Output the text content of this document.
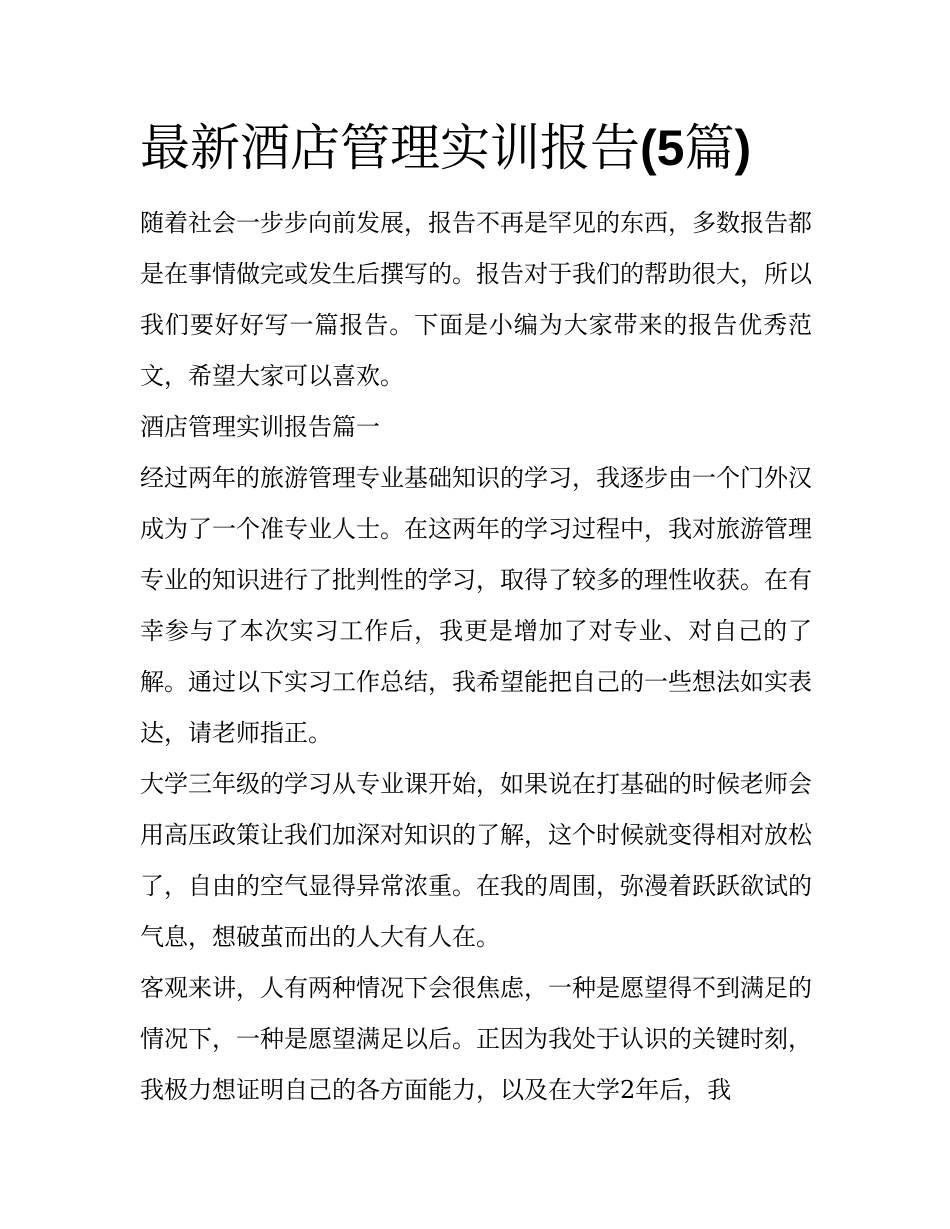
最新酒店管理实训报告(5篇)

随着社会一步步向前发展，报告不再是罕见的东西，多数报告都是在事情做完或发生后撰写的。报告对于我们的帮助很大，所以我们要好好写一篇报告。下面是小编为大家带来的报告优秀范文，希望大家可以喜欢。

酒店管理实训报告篇一

经过两年的旅游管理专业基础知识的学习，我逐步由一个门外汉成为了一个准专业人士。在这两年的学习过程中，我对旅游管理专业的知识进行了批判性的学习，取得了较多的理性收获。在有幸参与了本次实习工作后，我更是增加了对专业、对自己的了解。通过以下实习工作总结，我希望能把自己的一些想法如实表达，请老师指正。

大学三年级的学习从专业课开始，如果说在打基础的时候老师会用高压政策让我们加深对知识的了解，这个时候就变得相对放松了，自由的空气显得异常浓重。在我的周围，弥漫着跃跃欲试的气息，想破茧而出的人大有人在。

客观来讲，人有两种情况下会很焦虑，一种是愿望得不到满足的情况下，一种是愿望满足以后。正因为我处于认识的关键时刻，我极力想证明自己的各方面能力，以及在大学2年后，我
